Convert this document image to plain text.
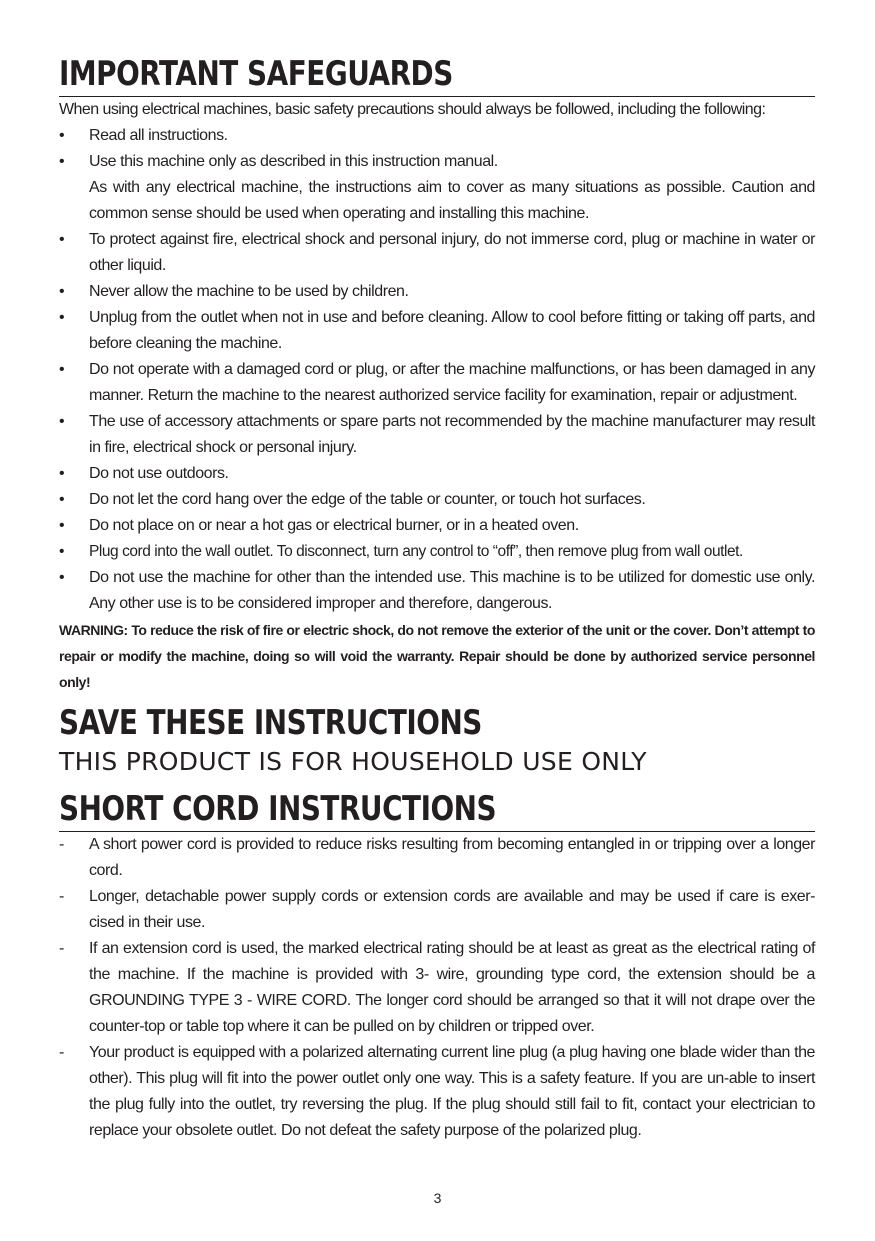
IMPORTANT SAFEGUARDS

When using electrical machines, basic safety precautions should always be followed, including the following:

•	Read all instructions.
•	Use this machine only as described in this instruction manual.
As with any electrical machine, the instructions aim to cover as many situations as possible. Caution and common sense should be used when operating and installing this machine.
•	To protect against fire, electrical shock and personal injury, do not immerse cord, plug or machine in water or other liquid.
•	Never allow the machine to be used by children.
•	Unplug from the outlet when not in use and before cleaning. Allow to cool before fitting or taking off parts, and before cleaning the machine.
•	Do not operate with a damaged cord or plug, or after the machine malfunctions, or has been damaged in any manner. Return the machine to the nearest authorized service facility for examination, repair or adjustment.
•	The use of accessory attachments or spare parts not recommended by the machine manufacturer may result in fire, electrical shock or personal injury.
•	Do not use outdoors.
•	Do not let the cord hang over the edge of the table or counter, or touch hot surfaces.
•	Do not place on or near a hot gas or electrical burner, or in a heated oven.
•	Plug cord into the wall outlet. To disconnect, turn any control to “off”, then remove plug from wall outlet.
•	Do not use the machine for other than the intended use. This machine is to be utilized for domestic use only. Any other use is to be considered improper and therefore, dangerous.

WARNING: To reduce the risk of fire or electric shock, do not remove the exterior of the unit or the cover. Don’t attempt to repair or modify the machine, doing so will void the warranty. Repair should be done by authorized service personnel only!

SAVE THESE INSTRUCTIONS

THIS PRODUCT IS FOR HOUSEHOLD USE ONLY

SHORT CORD INSTRUCTIONS
-	A short power cord is provided to reduce risks resulting from becoming entangled in or tripping over a longer cord.
-	Longer, detachable power supply cords or extension cords are available and may be used if care is exer-cised in their use.
-	If an extension cord is used, the marked electrical rating should be at least as great as the electrical rating of the machine. If the machine is provided with 3- wire, grounding type cord, the extension should be a GROUNDING TYPE 3 - WIRE CORD. The longer cord should be arranged so that it will not drape over the counter-top or table top where it can be pulled on by children or tripped over.
-	Your product is equipped with a polarized alternating current line plug (a plug having one blade wider than the other). This plug will fit into the power outlet only one way. This is a safety feature. If you are un-able to insert the plug fully into the outlet, try reversing the plug. If the plug should still fail to fit, contact your electrician to replace your obsolete outlet. Do not defeat the safety purpose of the polarized plug.
3
